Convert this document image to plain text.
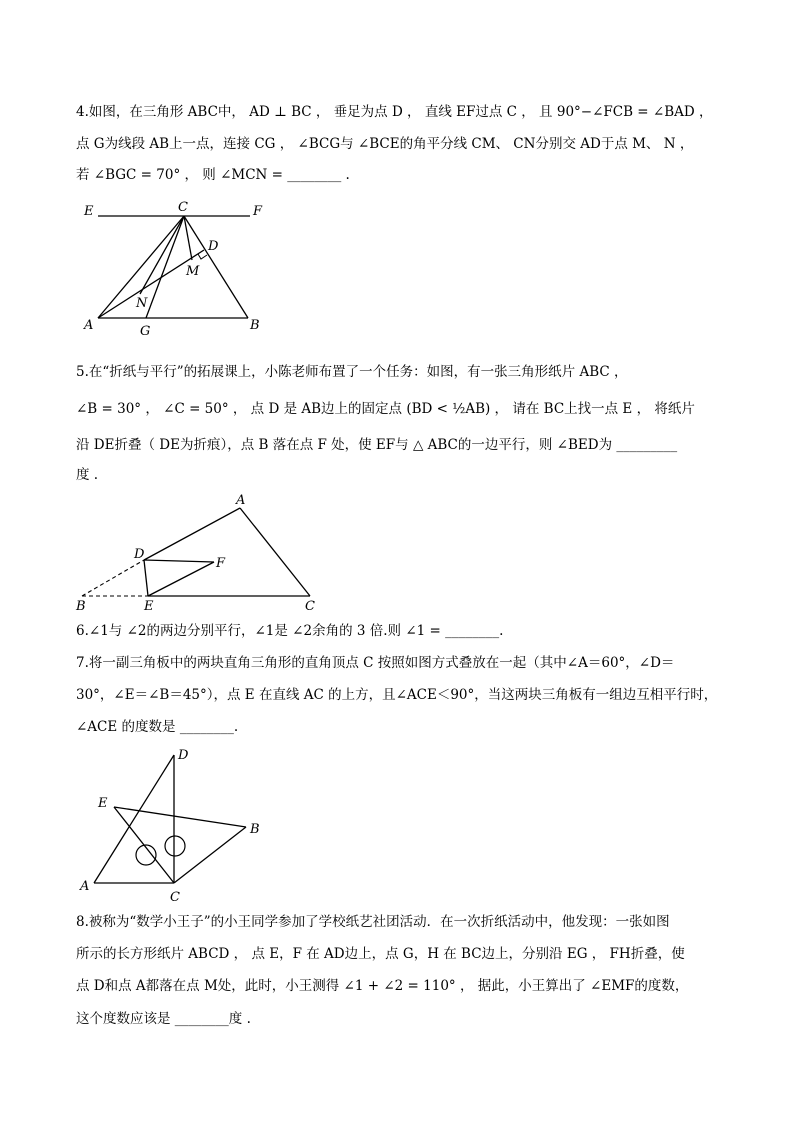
4.如图，在三角形 ABC中， AD ⊥ BC ， 垂足为点 D ， 直线 EF过点 C ， 且 90°−∠FCB = ∠BAD ，
点 G为线段 AB上一点，连接 CG ， ∠BCG与 ∠BCE的角平分线 CM、 CN分别交 AD于点 M、 N ，
若 ∠BGC = 70° ， 则 ∠MCN = ________ .
E	C	F
D
M
N
A	G	B
5.在“折纸与平行”的拓展课上，小陈老师布置了一个任务：如图，有一张三角形纸片 ABC ，
∠B = 30° ， ∠C = 50° ， 点 D 是 AB边上的固定点 (BD < ½AB) ， 请在 BC上找一点 E ， 将纸片
沿 DE折叠（ DE为折痕），点 B 落在点 F 处，使 EF与 △ ABC的一边平行，则 ∠BED为 _________
度 .
A
D
F
B	E	C
6.∠1与 ∠2的两边分别平行，∠1是 ∠2余角的 3 倍.则 ∠1 = ________.
7.将一副三角板中的两块直角三角形的直角顶点 C 按照如图方式叠放在一起（其中∠A＝60°，∠D＝
30°，∠E＝∠B＝45°），点 E 在直线 AC 的上方，且∠ACE＜90°，当这两块三角板有一组边互相平行时，
∠ACE 的度数是 ________.
D
E
B
A
C
8.被称为“数学小王子”的小王同学参加了学校纸艺社团活动．在一次折纸活动中，他发现：一张如图
所示的长方形纸片 ABCD ， 点 E，F 在 AD边上，点 G，H 在 BC边上，分别沿 EG ， FH折叠，使
点 D和点 A都落在点 M处，此时，小王测得 ∠1 + ∠2 = 110° ， 据此，小王算出了 ∠EMF的度数，
这个度数应该是 ________度 .
